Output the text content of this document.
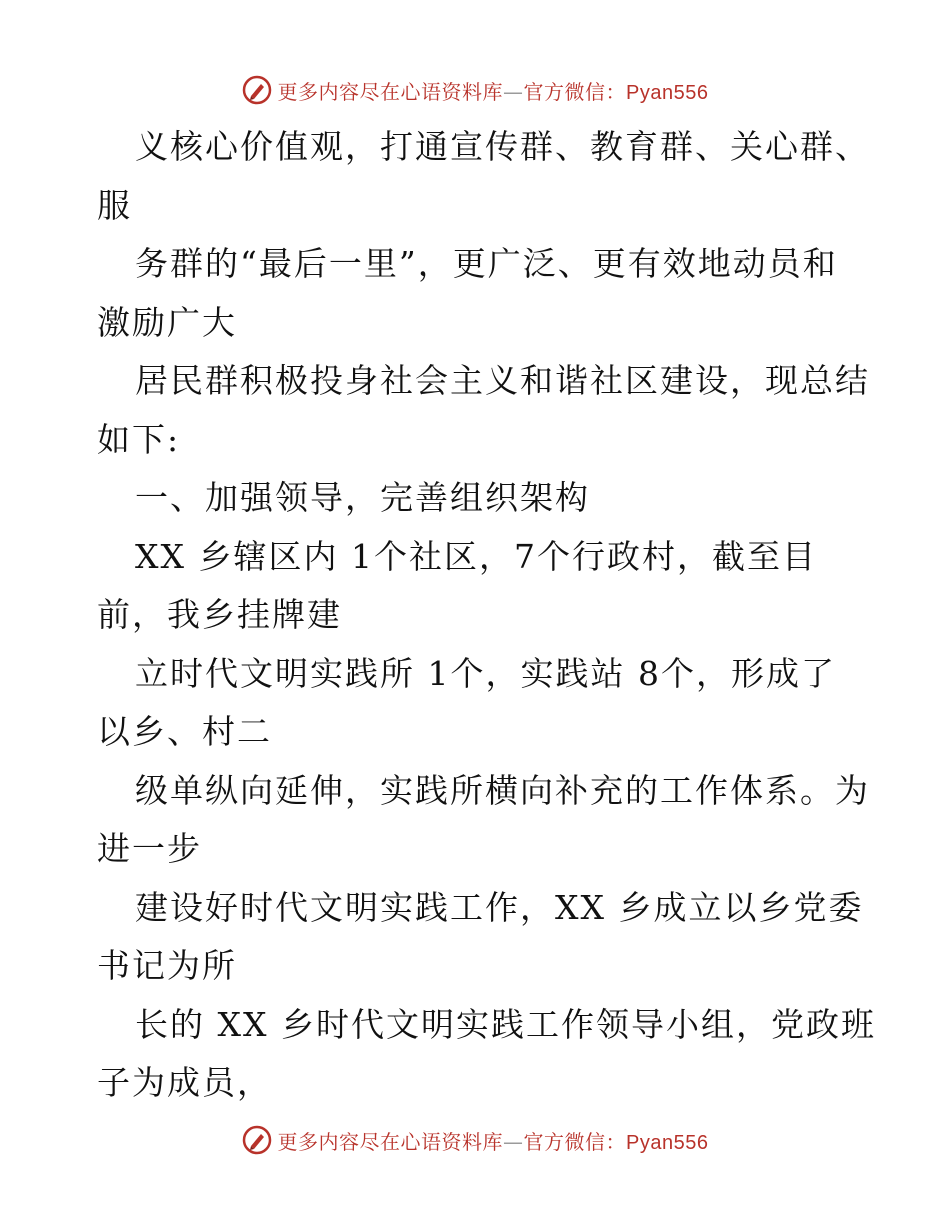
更多内容尽在心语资料库—官方微信：Pyan556
义核心价值观，打通宣传群、教育群、关心群、
服
务群的“最后一里”，更广泛、更有效地动员和
激励广大
居民群积极投身社会主义和谐社区建设，现总结
如下:
一、加强领导，完善组织架构
XX 乡辖区内 1个社区，7个行政村，截至目
前，我乡挂牌建
立时代文明实践所 1个，实践站 8个，形成了
以乡、村二
级单纵向延伸，实践所横向补充的工作体系。为
进一步
建设好时代文明实践工作，XX 乡成立以乡党委
书记为所
长的 XX 乡时代文明实践工作领导小组，党政班
子为成员，
更多内容尽在心语资料库—官方微信：Pyan556
